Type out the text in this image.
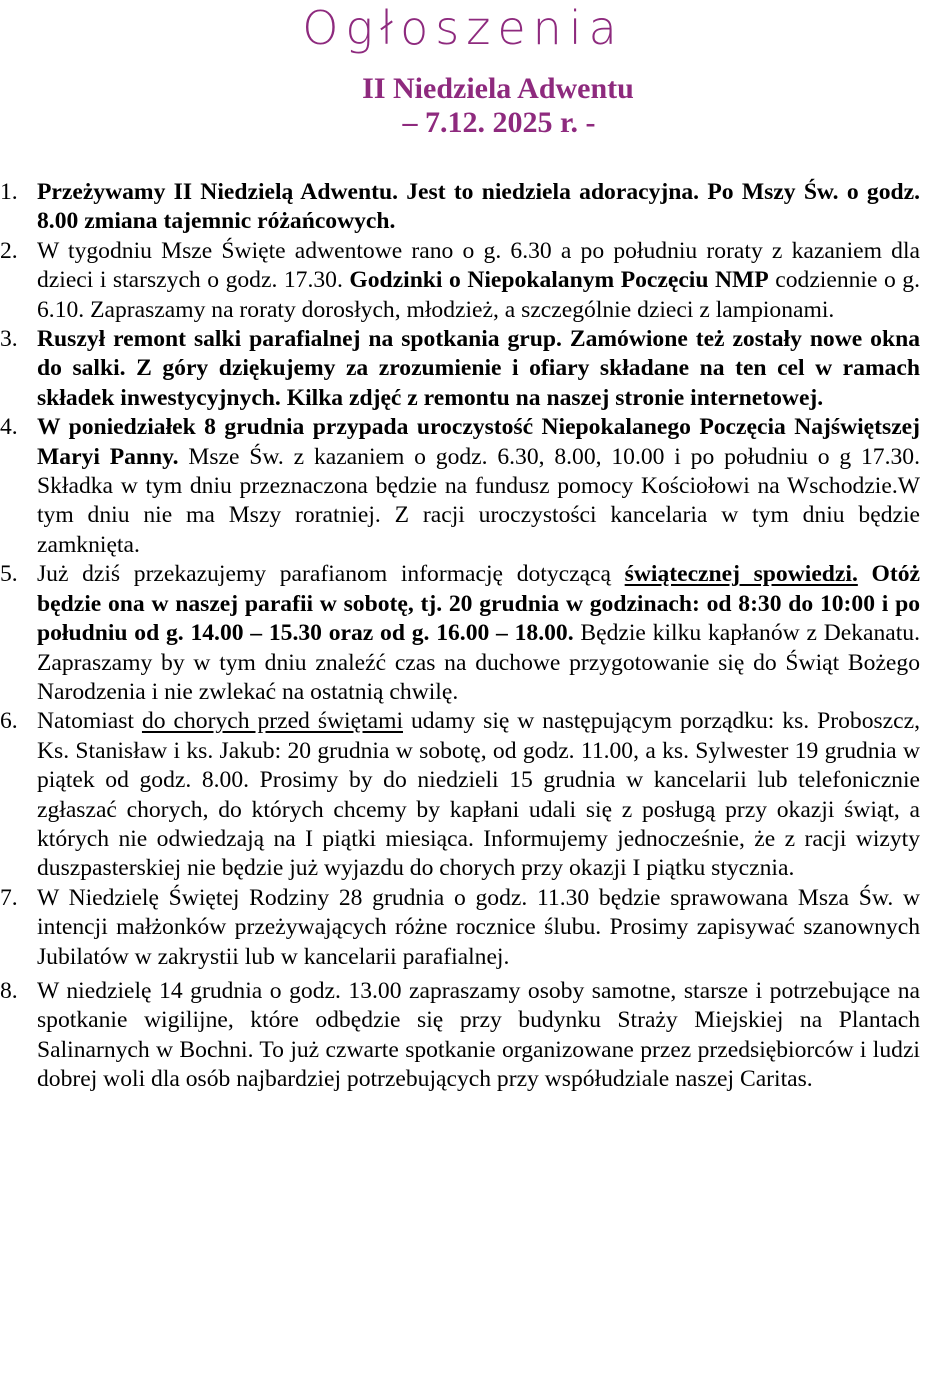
Ogłoszenia
II Niedziela Adwentu
– 7.12. 2025 r. -
1. Przeżywamy II Niedzielą Adwentu. Jest to niedziela adoracyjna. Po Mszy Św. o godz. 8.00 zmiana tajemnic różańcowych.
2. W tygodniu Msze Święte adwentowe rano o g. 6.30 a po południu roraty z kazaniem dla dzieci i starszych o godz. 17.30. Godzinki o Niepokalanym Poczęciu NMP codziennie o g. 6.10. Zapraszamy na roraty dorosłych, młodzież, a szczególnie dzieci z lampionami.
3. Ruszył remont salki parafialnej na spotkania grup. Zamówione też zostały nowe okna do salki. Z góry dziękujemy za zrozumienie i ofiary składane na ten cel w ramach składek inwestycyjnych. Kilka zdjęć z remontu na naszej stronie internetowej.
4. W poniedziałek 8 grudnia przypada uroczystość Niepokalanego Poczęcia Najświętszej Maryi Panny. Msze Św. z kazaniem o godz. 6.30, 8.00, 10.00 i po południu o g 17.30. Składka w tym dniu przeznaczona będzie na fundusz pomocy Kościołowi na Wschodzie.W tym dniu nie ma Mszy roratniej. Z racji uroczystości kancelaria w tym dniu będzie zamknięta.
5. Już dziś przekazujemy parafianom informację dotyczącą świątecznej spowiedzi. Otóż będzie ona w naszej parafii w sobotę, tj. 20 grudnia w godzinach: od 8:30 do 10:00 i po południu od g. 14.00 – 15.30 oraz od g. 16.00 – 18.00. Będzie kilku kapłanów z Dekanatu. Zapraszamy by w tym dniu znaleźć czas na duchowe przygotowanie się do Świąt Bożego Narodzenia i nie zwlekać na ostatnią chwilę.
6. Natomiast do chorych przed świętami udamy się w następującym porządku: ks. Proboszcz, Ks. Stanisław i ks. Jakub: 20 grudnia w sobotę, od godz. 11.00, a ks. Sylwester 19 grudnia w piątek od godz. 8.00. Prosimy by do niedzieli 15 grudnia w kancelarii lub telefonicznie zgłaszać chorych, do których chcemy by kapłani udali się z posługą przy okazji świąt, a których nie odwiedzają na I piątki miesiąca. Informujemy jednocześnie, że z racji wizyty duszpasterskiej nie będzie już wyjazdu do chorych przy okazji I piątku stycznia.
7. W Niedzielę Świętej Rodziny 28 grudnia o godz. 11.30 będzie sprawowana Msza Św. w intencji małżonków przeżywających różne rocznice ślubu. Prosimy zapisywać szanownych Jubilatów w zakrystii lub w kancelarii parafialnej.
8. W niedzielę 14 grudnia o godz. 13.00 zapraszamy osoby samotne, starsze i potrzebujące na spotkanie wigilijne, które odbędzie się przy budynku Straży Miejskiej na Plantach Salinarnych w Bochni. To już czwarte spotkanie organizowane przez przedsiębiorców i ludzi dobrej woli dla osób najbardziej potrzebujących przy współudziale naszej Caritas.
